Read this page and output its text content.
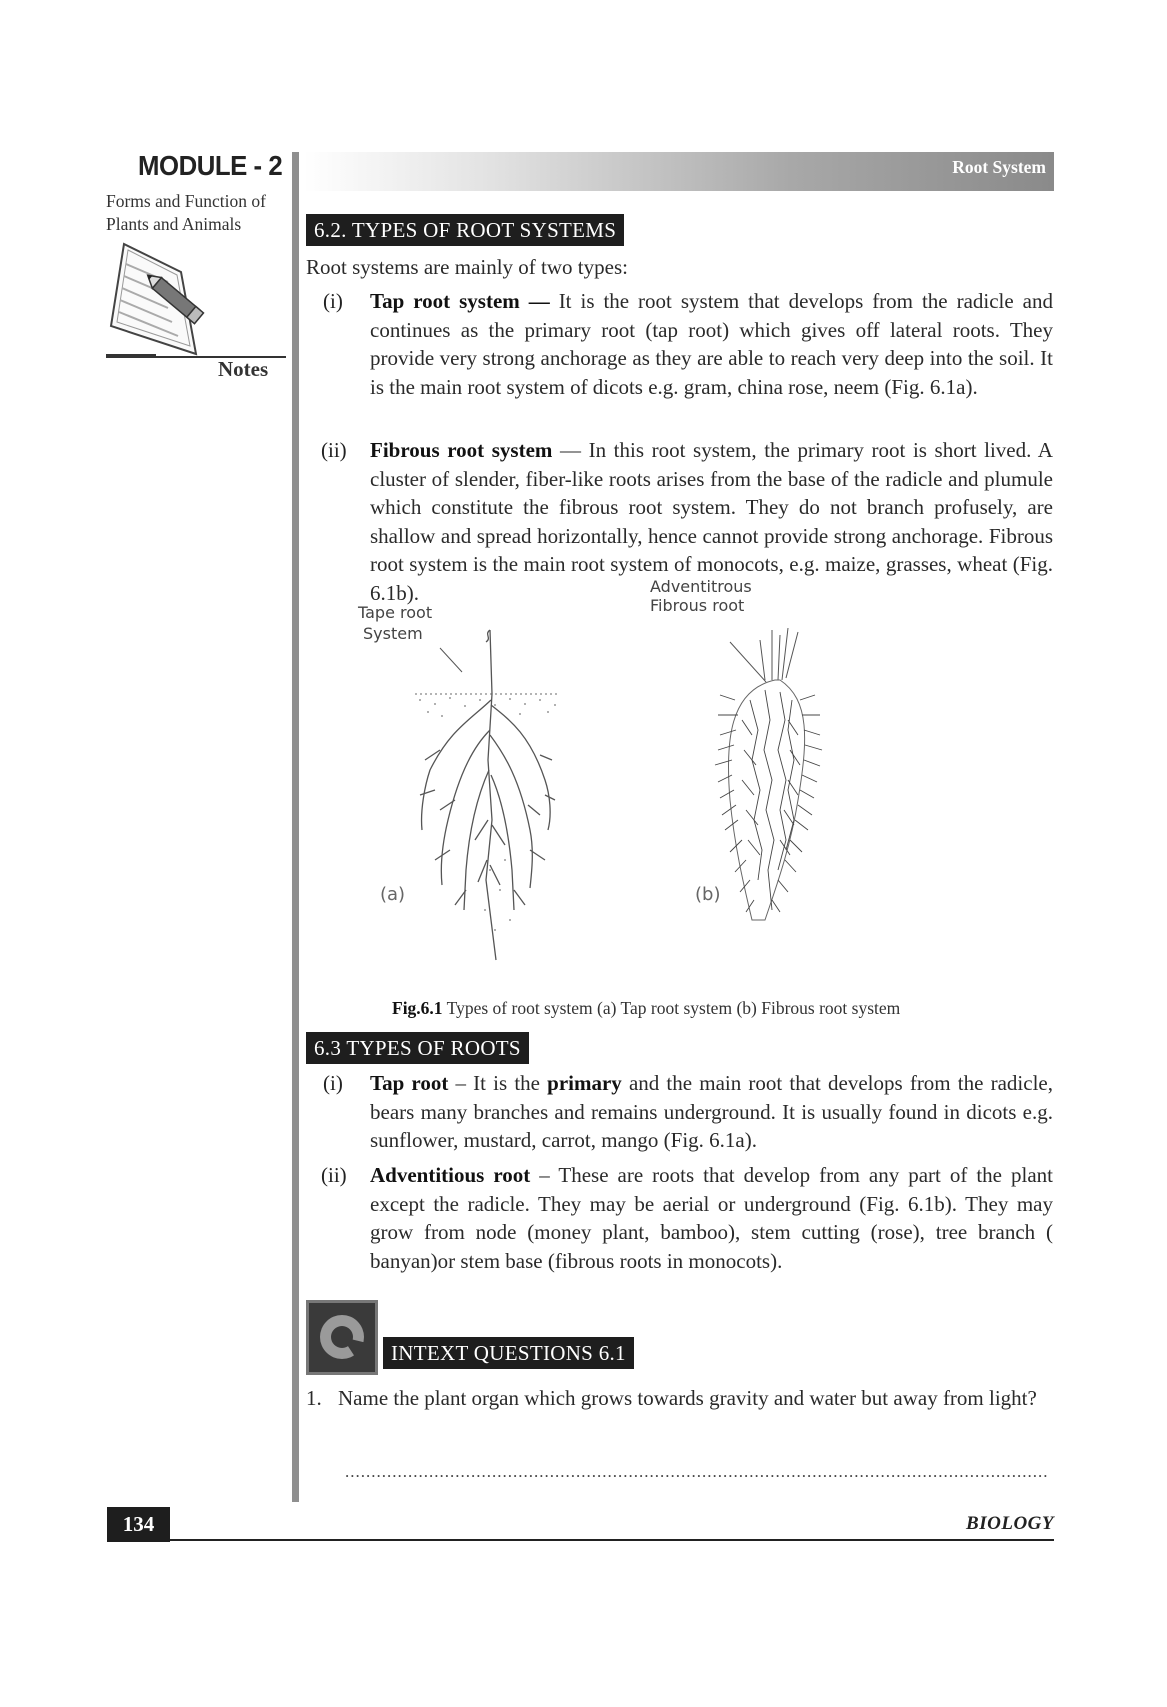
MODULE - 2
Forms and Function of
Plants and Animals
Notes
Root System
6.2. TYPES OF ROOT SYSTEMS
Root systems are mainly of two types:
(i) Tap root system — It is the root system that develops from the radicle and continues as the primary root (tap root) which gives off lateral roots. They provide very strong anchorage as they are able to reach very deep into the soil. It is the main root system of dicots e.g. gram, china rose, neem (Fig. 6.1a).
(ii) Fibrous root system — In this root system, the primary root is short lived. A cluster of slender, fiber-like roots arises from the base of the radicle and plumule which constitute the fibrous root system. They do not branch profusely, are shallow and spread horizontally, hence cannot provide strong anchorage. Fibrous root system is the main root system of monocots, e.g. maize, grasses, wheat (Fig. 6.1b).
Tape root
System
(a)
Adventitrous
Fibrous root
(b)
Fig.6.1 Types of root system (a) Tap root system (b) Fibrous root system
6.3 TYPES OF ROOTS
(i) Tap root – It is the primary and the main root that develops from the radicle, bears many branches and remains underground. It is usually found in dicots e.g. sunflower, mustard, carrot, mango (Fig. 6.1a).
(ii) Adventitious root – These are roots that develop from any part of the plant except the radicle. They may be aerial or underground (Fig. 6.1b). They may grow from node (money plant, bamboo), stem cutting (rose), tree branch ( banyan)or stem base (fibrous roots in monocots).
INTEXT QUESTIONS 6.1
1. Name the plant organ which grows towards gravity and water but away from light?
......................................................................................................................................
134	BIOLOGY
